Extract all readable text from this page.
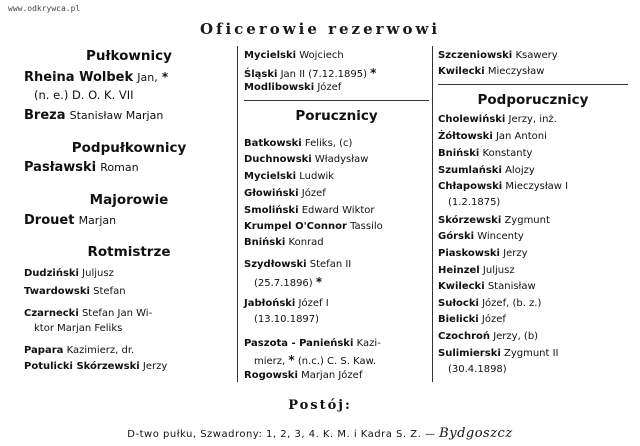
www.odkrywca.pl
Oficerowie rezerwowi
Pułkownicy
Rheina Wolbek Jan, *
(n. e.) D. O. K. VII
Breza Stanisław Marjan
Podpułkownicy
Pasławski Roman
Majorowie
Drouet Marjan
Rotmistrze
Dudziński Juljusz
Twardowski Stefan
Czarnecki Stefan Jan Wi-
ktor Marjan Feliks
Papara Kazimierz, dr.
Potulicki Skórzewski Jerzy
Mycielski Wojciech
Śląski Jan II (7.12.1895) *
Modlibowski Józef
Porucznicy
Batkowski Feliks, (c)
Duchnowski Władysław
Mycielski Ludwik
Głowiński Józef
Smoliński Edward Wiktor
Krumpel O'Connor Tassilo
Bniński Konrad
Szydłowski Stefan II
(25.7.1896) *
Jabłoński Józef I
(13.10.1897)
Paszota - Panieński Kazi-
mierz, * (n.c.) C. S. Kaw.
Rogowski Marjan Józef
Szczeniowski Ksawery
Kwilecki Mieczysław
Podporucznicy
Cholewiński Jerzy, inż.
Żółtowski Jan Antoni
Bniński Konstanty
Szumlański Alojzy
Chłapowski Mieczysław I
(1.2.1875)
Skórzewski Zygmunt
Górski Wincenty
Piaskowski Jerzy
Heinzel Juljusz
Kwilecki Stanisław
Sułocki Józef, (b. z.)
Bielicki Józef
Czochroń Jerzy, (b)
Sulimierski Zygmunt II
(30.4.1898)
Postój:
D-two pułku, Szwadrony: 1, 2, 3, 4. K. M. i Kadra S. Z. — Bydgoszcz
